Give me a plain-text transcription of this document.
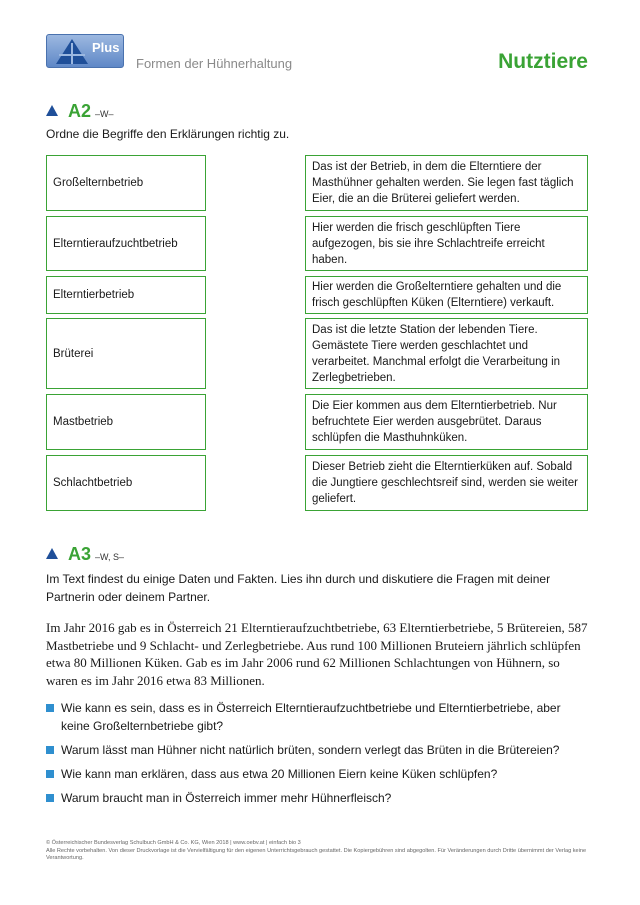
Plus
Formen der Hühnerhaltung	Nutztiere
A2 –W–
Ordne die Begriffe den Erklärungen richtig zu.
Großelternbetrieb
Elterntieraufzuchtbetrieb
Elterntierbetrieb
Brüterei
Mastbetrieb
Schlachtbetrieb
Das ist der Betrieb, in dem die Elterntiere der Masthühner gehalten werden. Sie legen fast täglich Eier, die an die Brüterei geliefert werden.
Hier werden die frisch geschlüpften Tiere aufgezogen, bis sie ihre Schlachtreife erreicht haben.
Hier werden die Großelterntiere gehalten und die frisch geschlüpften Küken (Elterntiere) verkauft.
Das ist die letzte Station der lebenden Tiere. Gemästete Tiere werden geschlachtet und verarbeitet. Manchmal erfolgt die Verarbeitung in Zerlegbetrieben.
Die Eier kommen aus dem Elterntierbetrieb. Nur befruchtete Eier werden ausgebrütet. Daraus schlüpfen die Masthuhnküken.
Dieser Betrieb zieht die Elterntierküken auf. Sobald die Jungtiere geschlechtsreif sind, werden sie weiter geliefert.
A3 –W, S–
Im Text findest du einige Daten und Fakten. Lies ihn durch und diskutiere die Fragen mit deiner Partnerin oder deinem Partner.
Im Jahr 2016 gab es in Österreich 21 Elterntieraufzuchtbetriebe, 63 Elterntierbetriebe, 5 Brütereien, 587 Mastbetriebe und 9 Schlacht- und Zerlegbetriebe. Aus rund 100 Millionen Bruteiern jährlich schlüpfen etwa 80 Millionen Küken. Gab es im Jahr 2006 rund 62 Millionen Schlachtungen von Hühnern, so waren es im Jahr 2016 etwa 83 Millionen.
Wie kann es sein, dass es in Österreich Elterntieraufzuchtbetriebe und Elterntierbetriebe, aber keine Großelternbetriebe gibt?
Warum lässt man Hühner nicht natürlich brüten, sondern verlegt das Brüten in die Brütereien?
Wie kann man erklären, dass aus etwa 20 Millionen Eiern keine Küken schlüpfen?
Warum braucht man in Österreich immer mehr Hühnerfleisch?
© Österreichischer Bundesverlag Schulbuch GmbH & Co. KG, Wien 2018 | www.oebv.at | einfach bio 3
Alle Rechte vorbehalten. Von dieser Druckvorlage ist die Vervielfältigung für den eigenen Unterrichtsgebrauch gestattet. Die Kopiergebühren sind abgegolten. Für Veränderungen durch Dritte übernimmt der Verlag keine Verantwortung.
